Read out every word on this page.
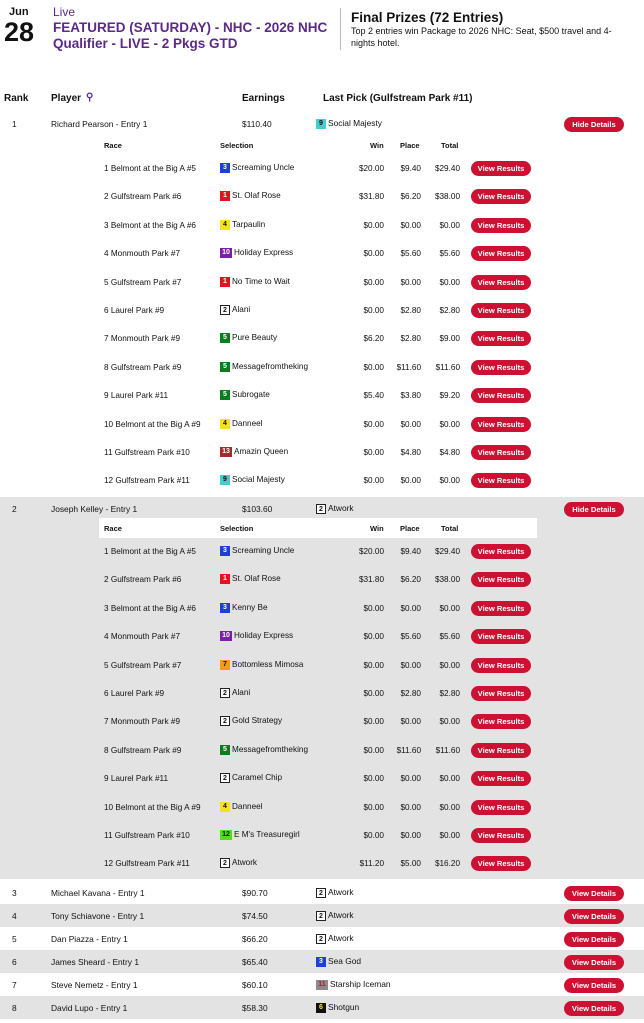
Jun
28
Live
FEATURED (SATURDAY) - NHC - 2026 NHC Qualifier - LIVE - 2 Pkgs GTD
Final Prizes (72 Entries)
Top 2 entries win Package to 2026 NHC: Seat, $500 travel and 4-nights hotel.
Rank Player ⚲	Earnings	Last Pick (Gulfstream Park #11)
1	Richard Pearson - Entry 1	$110.40	9 Social Majesty	Hide Details
Race	Selection	Win Place	Total
1 Belmont at the Big A #5	3 Screaming Uncle	$20.00 $9.40 $29.40	View Results
2 Gulfstream Park #6	1 St. Olaf Rose	$31.80 $6.20 $38.00	View Results
3 Belmont at the Big A #6	4 Tarpaulin	$0.00 $0.00 $0.00	View Results
4 Monmouth Park #7	10 Holiday Express	$0.00 $5.60 $5.60	View Results
5 Gulfstream Park #7	1 No Time to Wait	$0.00 $0.00 $0.00	View Results
6 Laurel Park #9	2 Alani	$0.00 $2.80 $2.80	View Results
7 Monmouth Park #9	5 Pure Beauty	$6.20 $2.80 $9.00	View Results
8 Gulfstream Park #9	5 Messagefromtheking	$0.00 $11.60 $11.60	View Results
9 Laurel Park #11	5 Subrogate	$5.40 $3.80 $9.20	View Results
10 Belmont at the Big A #9	4 Danneel	$0.00 $0.00 $0.00	View Results
11 Gulfstream Park #10	13 Amazin Queen	$0.00 $4.80 $4.80	View Results
12 Gulfstream Park #11	9 Social Majesty	$0.00 $0.00 $0.00	View Results
2	Joseph Kelley - Entry 1	$103.60	2 Atwork	Hide Details
Race	Selection	Win Place	Total
1 Belmont at the Big A #5	3 Screaming Uncle	$20.00 $9.40 $29.40	View Results
2 Gulfstream Park #6	1 St. Olaf Rose	$31.80 $6.20 $38.00	View Results
3 Belmont at the Big A #6	3 Kenny Be	$0.00 $0.00 $0.00	View Results
4 Monmouth Park #7	10 Holiday Express	$0.00 $5.60 $5.60	View Results
5 Gulfstream Park #7	7 Bottomless Mimosa	$0.00 $0.00 $0.00	View Results
6 Laurel Park #9	2 Alani	$0.00 $2.80 $2.80	View Results
7 Monmouth Park #9	2 Gold Strategy	$0.00 $0.00 $0.00	View Results
8 Gulfstream Park #9	5 Messagefromtheking	$0.00 $11.60 $11.60	View Results
9 Laurel Park #11	2 Caramel Chip	$0.00 $0.00 $0.00	View Results
10 Belmont at the Big A #9	4 Danneel	$0.00 $0.00 $0.00	View Results
11 Gulfstream Park #10	12 E M's Treasuregirl	$0.00 $0.00 $0.00	View Results
12 Gulfstream Park #11	2 Atwork	$11.20 $5.00 $16.20	View Results
3	Michael Kavana - Entry 1	$90.70	2 Atwork	View Details
4	Tony Schiavone - Entry 1	$74.50	2 Atwork	View Details
5	Dan Piazza - Entry 1	$66.20	2 Atwork	View Details
6	James Sheard - Entry 1	$65.40	3 Sea God	View Details
7	Steve Nemetz - Entry 1	$60.10	11 Starship Iceman	View Details
8	David Lupo - Entry 1	$58.30	6 Shotgun	View Details
